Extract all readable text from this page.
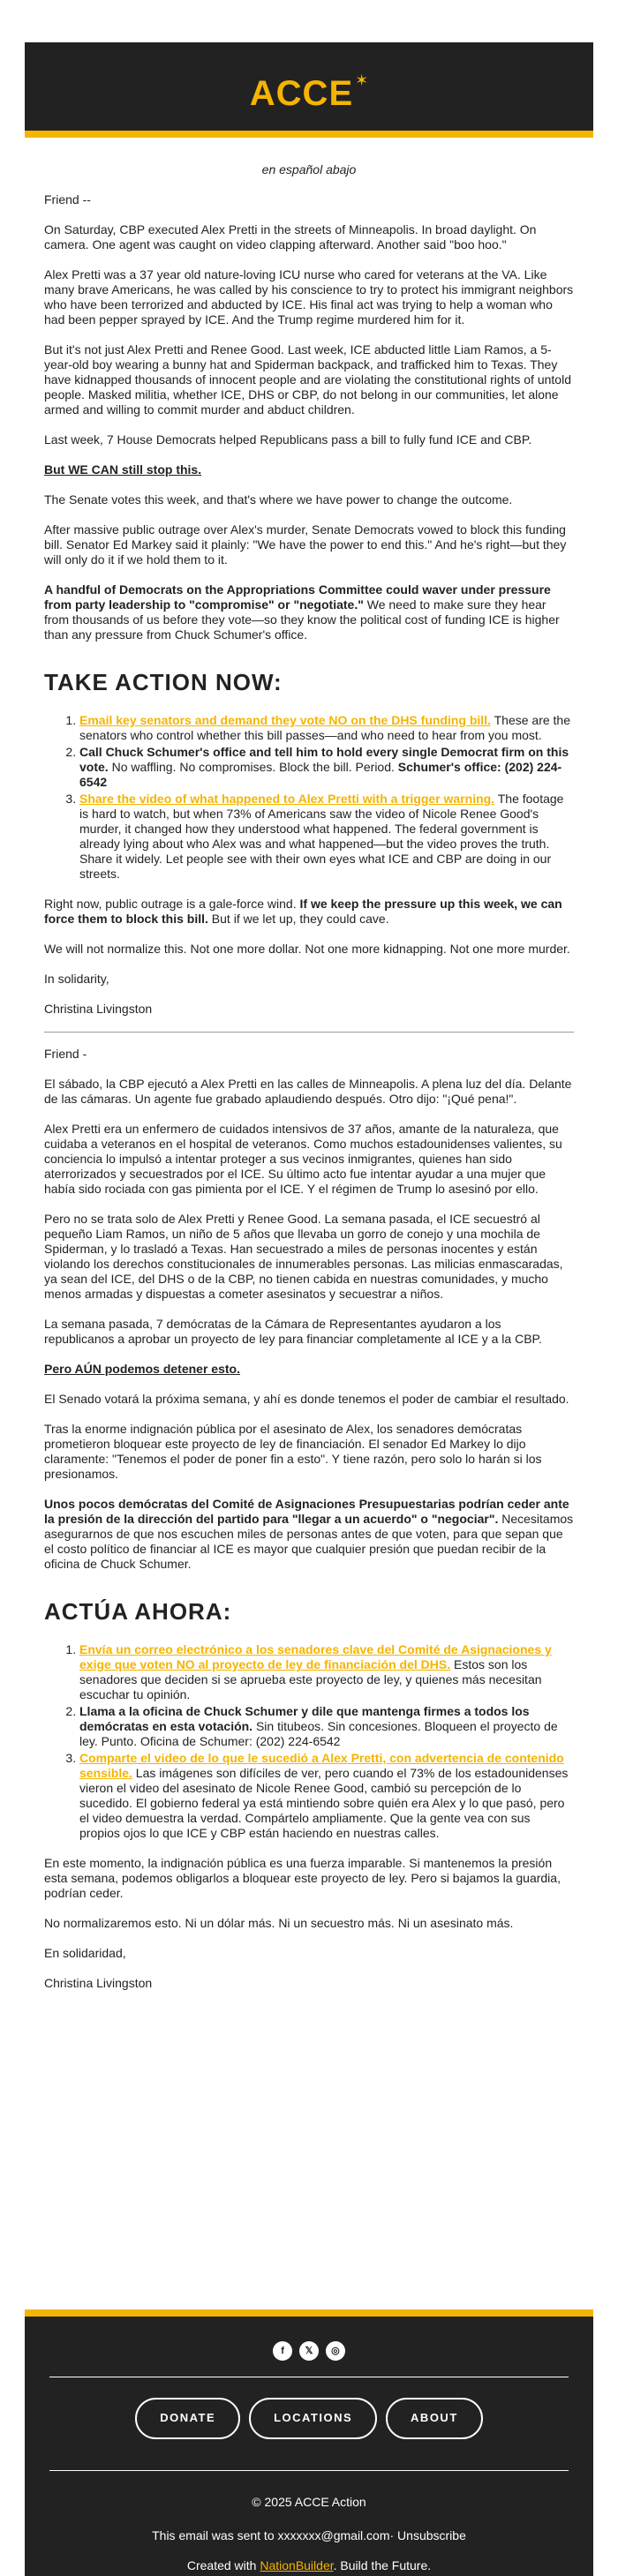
ACCE ✶

en español abajo

Friend --

On Saturday, CBP executed Alex Pretti in the streets of Minneapolis. In broad daylight. On camera. One agent was caught on video clapping afterward. Another said "boo hoo."

Alex Pretti was a 37 year old nature-loving ICU nurse who cared for veterans at the VA. Like many brave Americans, he was called by his conscience to try to protect his immigrant neighbors who have been terrorized and abducted by ICE. His final act was trying to help a woman who had been pepper sprayed by ICE. And the Trump regime murdered him for it.

But it's not just Alex Pretti and Renee Good. Last week, ICE abducted little Liam Ramos, a 5-year-old boy wearing a bunny hat and Spiderman backpack, and trafficked him to Texas. They have kidnapped thousands of innocent people and are violating the constitutional rights of untold people. Masked militia, whether ICE, DHS or CBP, do not belong in our communities, let alone armed and willing to commit murder and abduct children.

Last week, 7 House Democrats helped Republicans pass a bill to fully fund ICE and CBP.

But WE CAN still stop this.

The Senate votes this week, and that's where we have power to change the outcome.

After massive public outrage over Alex's murder, Senate Democrats vowed to block this funding bill. Senator Ed Markey said it plainly: "We have the power to end this." And he's right—but they will only do it if we hold them to it.

A handful of Democrats on the Appropriations Committee could waver under pressure from party leadership to "compromise" or "negotiate." We need to make sure they hear from thousands of us before they vote—so they know the political cost of funding ICE is higher than any pressure from Chuck Schumer's office.

TAKE ACTION NOW:
1. Email key senators and demand they vote NO on the DHS funding bill. These are the senators who control whether this bill passes—and who need to hear from you most.
2. Call Chuck Schumer's office and tell him to hold every single Democrat firm on this vote. No waffling. No compromises. Block the bill. Period. Schumer's office: (202) 224-6542
3. Share the video of what happened to Alex Pretti with a trigger warning. The footage is hard to watch, but when 73% of Americans saw the video of Nicole Renee Good's murder, it changed how they understood what happened. The federal government is already lying about who Alex was and what happened—but the video proves the truth. Share it widely. Let people see with their own eyes what ICE and CBP are doing in our streets.

Right now, public outrage is a gale-force wind. If we keep the pressure up this week, we can force them to block this bill. But if we let up, they could cave.

We will not normalize this. Not one more dollar. Not one more kidnapping. Not one more murder.

In solidarity,

Christina Livingston

Friend -

El sábado, la CBP ejecutó a Alex Pretti en las calles de Minneapolis. A plena luz del día. Delante de las cámaras. Un agente fue grabado aplaudiendo después. Otro dijo: "¡Qué pena!".

Alex Pretti era un enfermero de cuidados intensivos de 37 años, amante de la naturaleza, que cuidaba a veteranos en el hospital de veteranos. Como muchos estadounidenses valientes, su conciencia lo impulsó a intentar proteger a sus vecinos inmigrantes, quienes han sido aterrorizados y secuestrados por el ICE. Su último acto fue intentar ayudar a una mujer que había sido rociada con gas pimienta por el ICE. Y el régimen de Trump lo asesinó por ello.

Pero no se trata solo de Alex Pretti y Renee Good. La semana pasada, el ICE secuestró al pequeño Liam Ramos, un niño de 5 años que llevaba un gorro de conejo y una mochila de Spiderman, y lo trasladó a Texas. Han secuestrado a miles de personas inocentes y están violando los derechos constitucionales de innumerables personas. Las milicias enmascaradas, ya sean del ICE, del DHS o de la CBP, no tienen cabida en nuestras comunidades, y mucho menos armadas y dispuestas a cometer asesinatos y secuestrar a niños.

La semana pasada, 7 demócratas de la Cámara de Representantes ayudaron a los republicanos a aprobar un proyecto de ley para financiar completamente al ICE y a la CBP.

Pero AÚN podemos detener esto.

El Senado votará la próxima semana, y ahí es donde tenemos el poder de cambiar el resultado.

Tras la enorme indignación pública por el asesinato de Alex, los senadores demócratas prometieron bloquear este proyecto de ley de financiación. El senador Ed Markey lo dijo claramente: "Tenemos el poder de poner fin a esto". Y tiene razón, pero solo lo harán si los presionamos.

Unos pocos demócratas del Comité de Asignaciones Presupuestarias podrían ceder ante la presión de la dirección del partido para "llegar a un acuerdo" o "negociar". Necesitamos asegurarnos de que nos escuchen miles de personas antes de que voten, para que sepan que el costo político de financiar al ICE es mayor que cualquier presión que puedan recibir de la oficina de Chuck Schumer.

ACTÚA AHORA:
1. Envía un correo electrónico a los senadores clave del Comité de Asignaciones y exige que voten NO al proyecto de ley de financiación del DHS. Estos son los senadores que deciden si se aprueba este proyecto de ley, y quienes más necesitan escuchar tu opinión.
2. Llama a la oficina de Chuck Schumer y dile que mantenga firmes a todos los demócratas en esta votación. Sin titubeos. Sin concesiones. Bloqueen el proyecto de ley. Punto. Oficina de Schumer: (202) 224-6542
3. Comparte el video de lo que le sucedió a Alex Pretti, con advertencia de contenido sensible. Las imágenes son difíciles de ver, pero cuando el 73% de los estadounidenses vieron el video del asesinato de Nicole Renee Good, cambió su percepción de lo sucedido. El gobierno federal ya está mintiendo sobre quién era Alex y lo que pasó, pero el video demuestra la verdad. Compártelo ampliamente. Que la gente vea con sus propios ojos lo que ICE y CBP están haciendo en nuestras calles.

En este momento, la indignación pública es una fuerza imparable. Si mantenemos la presión esta semana, podemos obligarlos a bloquear este proyecto de ley. Pero si bajamos la guardia, podrían ceder.

No normalizaremos esto. Ni un dólar más. Ni un secuestro más. Ni un asesinato más.

En solidaridad,

Christina Livingston

f 𝕏 ◎
DONATE	LOCATIONS	ABOUT
© 2025 ACCE Action
This email was sent to xxxxxxx@gmail.com· Unsubscribe
Created with NationBuilder. Build the Future.
